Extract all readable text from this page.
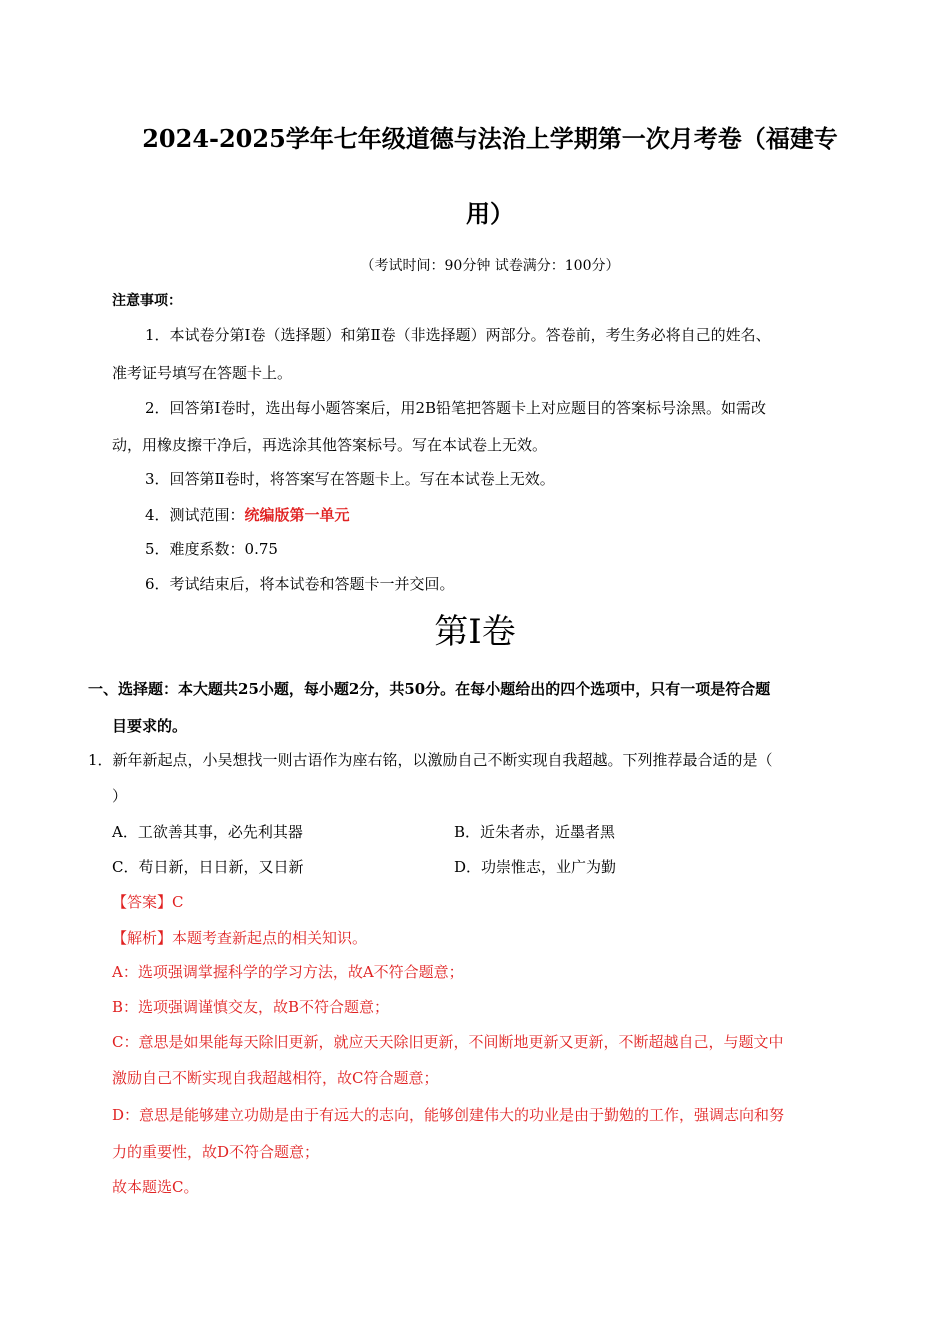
2024-2025学年七年级道德与法治上学期第一次月考卷（福建专
用）
（考试时间：90分钟 试卷满分：100分）
注意事项：
1．本试卷分第Ⅰ卷（选择题）和第Ⅱ卷（非选择题）两部分。答卷前，考生务必将自己的姓名、
准考证号填写在答题卡上。
2．回答第Ⅰ卷时，选出每小题答案后，用2B铅笔把答题卡上对应题目的答案标号涂黑。如需改
动，用橡皮擦干净后，再选涂其他答案标号。写在本试卷上无效。
3．回答第Ⅱ卷时，将答案写在答题卡上。写在本试卷上无效。
4．测试范围：统编版第一单元
5．难度系数：0.75
6．考试结束后，将本试卷和答题卡一并交回。
第Ⅰ卷
一、选择题：本大题共25小题，每小题2分，共50分。在每小题给出的四个选项中，只有一项是符合题
目要求的。
1．新年新起点，小吴想找一则古语作为座右铭，以激励自己不断实现自我超越。下列推荐最合适的是（
）
A．工欲善其事，必先利其器	B．近朱者赤，近墨者黑
C．苟日新，日日新，又日新	D．功崇惟志，业广为勤
【答案】C
【解析】本题考查新起点的相关知识。
A：选项强调掌握科学的学习方法，故A不符合题意；
B：选项强调谨慎交友，故B不符合题意；
C：意思是如果能每天除旧更新，就应天天除旧更新，不间断地更新又更新，不断超越自己，与题文中
激励自己不断实现自我超越相符，故C符合题意；
D：意思是能够建立功勋是由于有远大的志向，能够创建伟大的功业是由于勤勉的工作，强调志向和努
力的重要性，故D不符合题意；
故本题选C。
